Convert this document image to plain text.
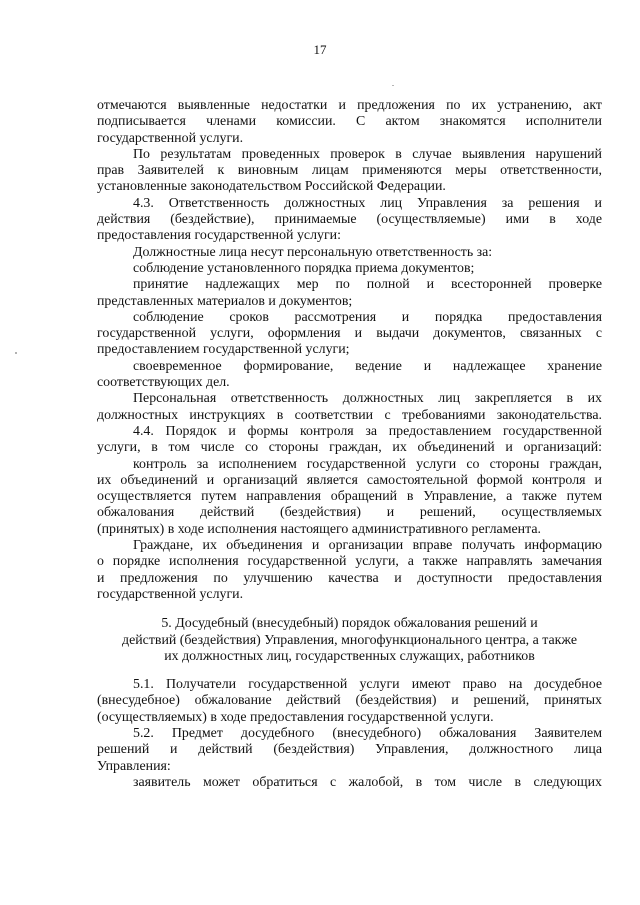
17
отмечаются выявленные недостатки и предложения по их устранению, акт
подписывается членами комиссии. С актом знакомятся исполнители
государственной услуги.
По результатам проведенных проверок в случае выявления нарушений
прав Заявителей к виновным лицам применяются меры ответственности,
установленные законодательством Российской Федерации.
4.3. Ответственность должностных лиц Управления за решения и
действия (бездействие), принимаемые (осуществляемые) ими в ходе
предоставления государственной услуги:
Должностные лица несут персональную ответственность за:
соблюдение установленного порядка приема документов;
принятие надлежащих мер по полной и всесторонней проверке
представленных материалов и документов;
соблюдение сроков рассмотрения и порядка предоставления
государственной услуги, оформления и выдачи документов, связанных с
предоставлением государственной услуги;
своевременное формирование, ведение и надлежащее хранение
соответствующих дел.
Персональная ответственность должностных лиц закрепляется в их
должностных инструкциях в соответствии с требованиями законодательства.
4.4. Порядок и формы контроля за предоставлением государственной
услуги, в том числе со стороны граждан, их объединений и организаций:
контроль за исполнением государственной услуги со стороны граждан,
их объединений и организаций является самостоятельной формой контроля и
осуществляется путем направления обращений в Управление, а также путем
обжалования действий (бездействия) и решений, осуществляемых
(принятых) в ходе исполнения настоящего административного регламента.
Граждане, их объединения и организации вправе получать информацию
о порядке исполнения государственной услуги, а также направлять замечания
и предложения по улучшению качества и доступности предоставления
государственной услуги.
5. Досудебный (внесудебный) порядок обжалования решений и
действий (бездействия) Управления, многофункционального центра, а также
их должностных лиц, государственных служащих, работников
5.1. Получатели государственной услуги имеют право на досудебное
(внесудебное) обжалование действий (бездействия) и решений, принятых
(осуществляемых) в ходе предоставления государственной услуги.
5.2. Предмет досудебного (внесудебного) обжалования Заявителем
решений и действий (бездействия) Управления, должностного лица
Управления:
заявитель может обратиться с жалобой, в том числе в следующих
